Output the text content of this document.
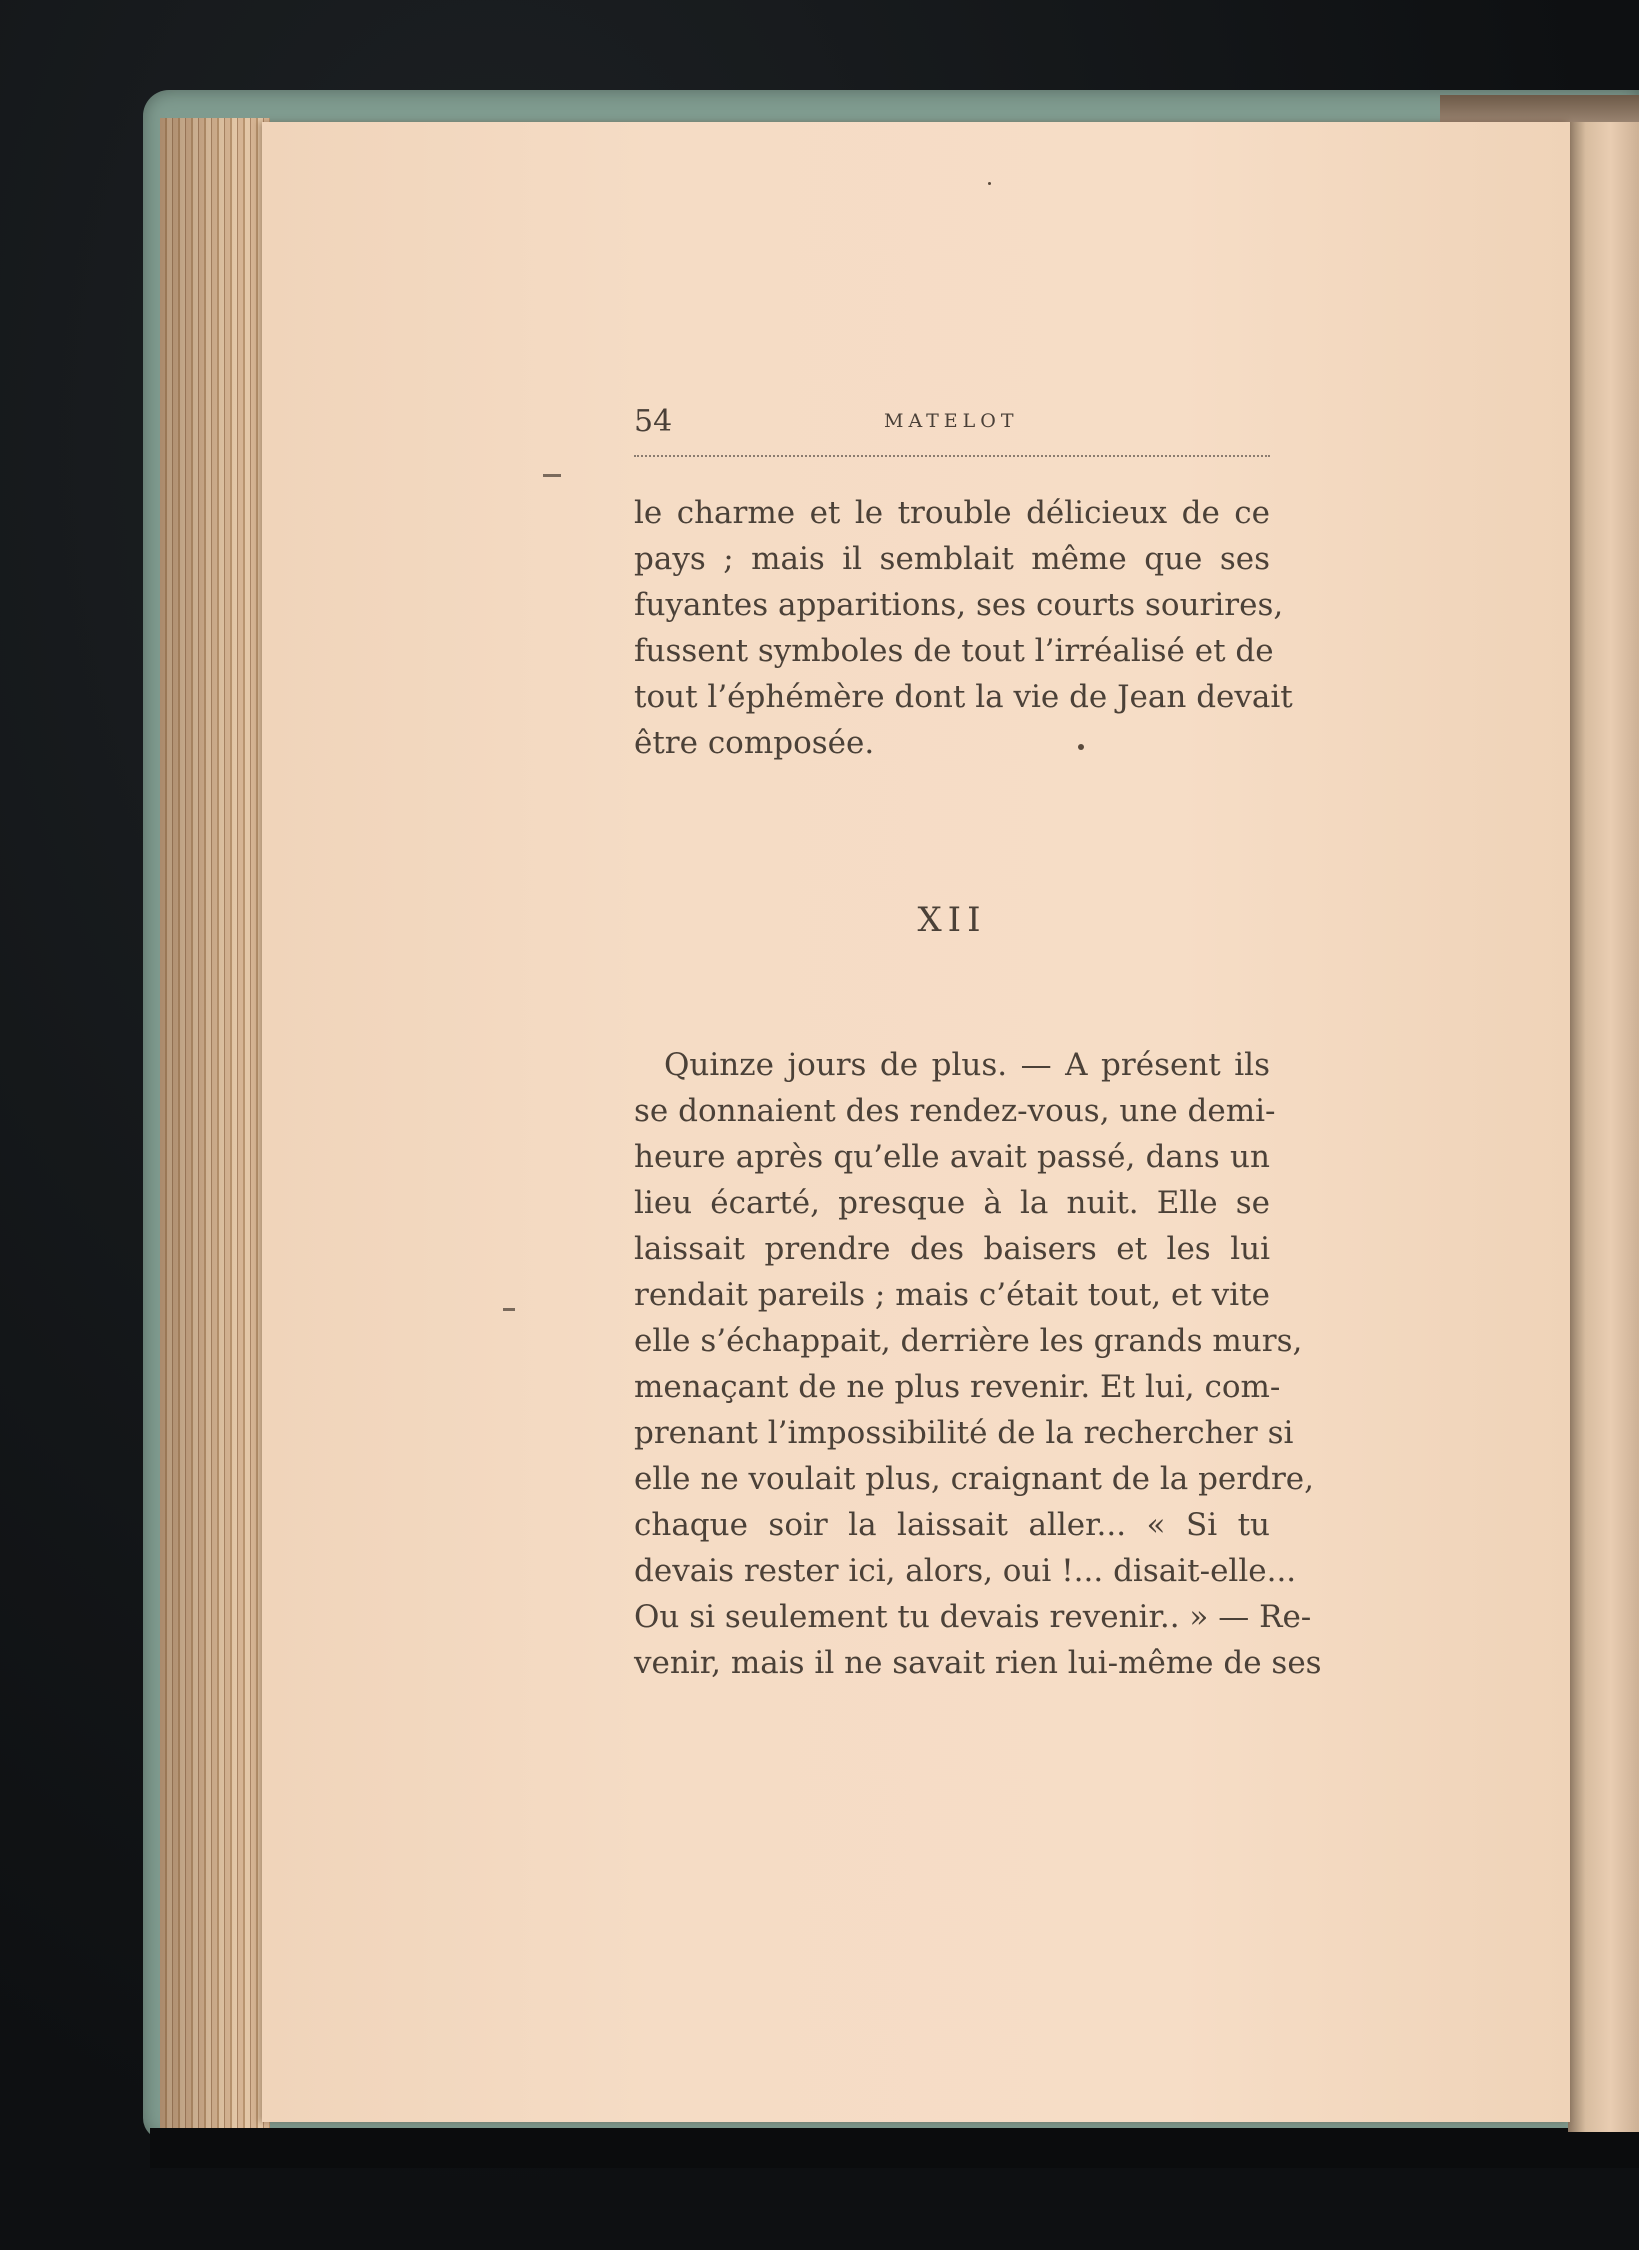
54	MATELOT
le charme et le trouble délicieux de ce
pays ; mais il semblait même que ses
fuyantes apparitions, ses courts sourires,
fussent symboles de tout l’irréalisé et de
tout l’éphémère dont la vie de Jean devait
être composée.
XII
Quinze jours de plus. — A présent ils
se donnaient des rendez-vous, une demi-
heure après qu’elle avait passé, dans un
lieu écarté, presque à la nuit. Elle se
laissait prendre des baisers et les lui
rendait pareils ; mais c’était tout, et vite
elle s’échappait, derrière les grands murs,
menaçant de ne plus revenir. Et lui, com-
prenant l’impossibilité de la rechercher si
elle ne voulait plus, craignant de la perdre,
chaque soir la laissait aller... « Si tu
devais rester ici, alors, oui !... disait-elle...
Ou si seulement tu devais revenir.. » — Re-
venir, mais il ne savait rien lui-même de ses
